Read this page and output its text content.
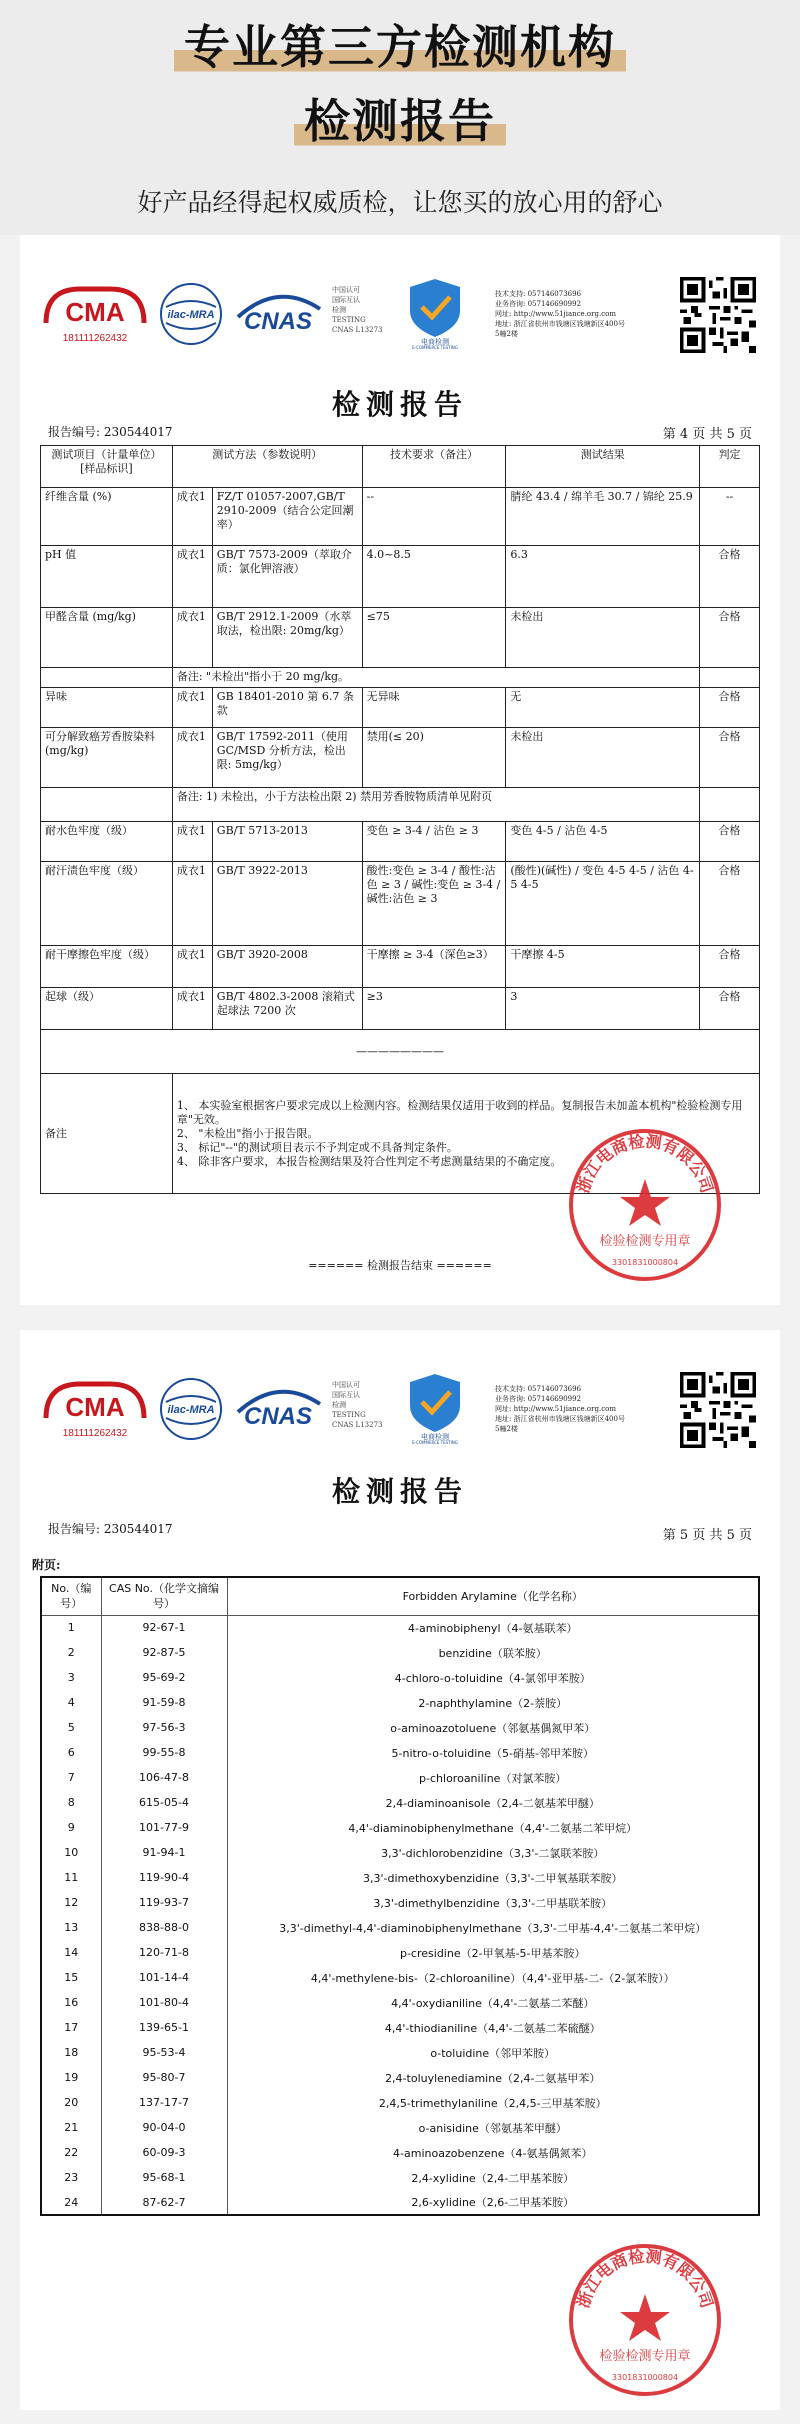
专业第三方检测机构
检测报告
好产品经得起权威质检，让您买的放心用的舒心
CMA
181111262432
ilac-MRA CNAS
中国认可
国际互认
检测
TESTING
CNAS L13273
电商检测
E-COMMERCE TESTING
技术支持: 057146073696
业务咨询: 057146690992
网址: http://www.51jiance.org.com
地址: 浙江省杭州市钱塘区钱塘新区400号
5幢2楼
检测报告
报告编号: 230544017	第 4 页 共 5 页
测试项目（计量单位）[样品标识]	测试方法（参数说明）		技术要求（备注）	测试结果	判定
纤维含量 (%)	成衣1	FZ/T 01057-2007,GB/T 2910-2009（结合公定回潮率）	--	腈纶 43.4 / 绵羊毛 30.7 / 锦纶 25.9	--
pH 值	成衣1	GB/T 7573-2009（萃取介质：氯化钾溶液）	4.0~8.5	6.3	合格
甲醛含量 (mg/kg)	成衣1	GB/T 2912.1-2009（水萃取法，检出限: 20mg/kg）	≤75	未检出	合格
	备注: "未检出"指小于 20 mg/kg。				
异味	成衣1	GB 18401-2010 第 6.7 条款	无异味	无	合格
可分解致癌芳香胺染料 (mg/kg)	成衣1	GB/T 17592-2011（使用 GC/MSD 分析方法，检出限: 5mg/kg）	禁用(≤ 20)	未检出	合格
	备注: 1) 未检出，小于方法检出限 2) 禁用芳香胺物质清单见附页				
耐水色牢度（级）	成衣1	GB/T 5713-2013	变色 ≥ 3-4 / 沾色 ≥ 3	变色 4-5 / 沾色 4-5	合格
耐汗渍色牢度（级）	成衣1	GB/T 3922-2013	酸性:变色 ≥ 3-4 / 酸性:沾色 ≥ 3 / 碱性:变色 ≥ 3-4 / 碱性:沾色 ≥ 3	(酸性)(碱性) / 变色 4-5 4-5 / 沾色 4-5 4-5	合格
耐干摩擦色牢度（级）	成衣1	GB/T 3920-2008	干摩擦 ≥ 3-4（深色≥3）	干摩擦 4-5	合格
起球（级）	成衣1	GB/T 4802.3-2008 滚箱式起球法 7200 次	≥3	3	合格
————————					
备注	1、 本实验室根据客户要求完成以上检测内容。检测结果仅适用于收到的样品。复制报告未加盖本机构"检验检测专用章"无效。
2、 "未检出"指小于报告限。
3、 标记"--"的测试项目表示不予判定或不具备判定条件。
4、 除非客户要求，本报告检测结果及符合性判定不考虑测量结果的不确定度。				
====== 检测报告结束 ======
浙江电商检测有限公司
检验检测专用章
3301831000804
CMA
181111262432
ilac-MRA CNAS
中国认可
国际互认
检测
TESTING
CNAS L13273
电商检测
E-COMMERCE TESTING
技术支持: 057146073696
业务咨询: 057146690992
网址: http://www.51jiance.org.com
地址: 浙江省杭州市钱塘区钱塘新区400号
5幢2楼
检测报告
报告编号: 230544017	第 5 页 共 5 页
附页:
No.（编号）	CAS No.（化学文摘编号）	Forbidden Arylamine（化学名称）
1	92-67-1	4-aminobiphenyl（4-氨基联苯）
2	92-87-5	benzidine（联苯胺）
3	95-69-2	4-chloro-o-toluidine（4-氯邻甲苯胺）
4	91-59-8	2-naphthylamine（2-萘胺）
5	97-56-3	o-aminoazotoluene（邻氨基偶氮甲苯）
6	99-55-8	5-nitro-o-toluidine（5-硝基-邻甲苯胺）
7	106-47-8	p-chloroaniline（对氯苯胺）
8	615-05-4	2,4-diaminoanisole（2,4-二氨基苯甲醚）
9	101-77-9	4,4'-diaminobiphenylmethane（4,4'-二氨基二苯甲烷）
10	91-94-1	3,3'-dichlorobenzidine（3,3'-二氯联苯胺）
11	119-90-4	3,3'-dimethoxybenzidine（3,3'-二甲氧基联苯胺）
12	119-93-7	3,3'-dimethylbenzidine（3,3'-二甲基联苯胺）
13	838-88-0	3,3'-dimethyl-4,4'-diaminobiphenylmethane（3,3'-二甲基-4,4'-二氨基二苯甲烷）
14	120-71-8	p-cresidine（2-甲氧基-5-甲基苯胺）
15	101-14-4	4,4'-methylene-bis-（2-chloroaniline）（4,4'-亚甲基-二-（2-氯苯胺））
16	101-80-4	4,4'-oxydianiline（4,4'-二氨基二苯醚）
17	139-65-1	4,4'-thiodianiline（4,4'-二氨基二苯硫醚）
18	95-53-4	o-toluidine（邻甲苯胺）
19	95-80-7	2,4-toluylenediamine（2,4-二氨基甲苯）
20	137-17-7	2,4,5-trimethylaniline（2,4,5-三甲基苯胺）
21	90-04-0	o-anisidine（邻氨基苯甲醚）
22	60-09-3	4-aminoazobenzene（4-氨基偶氮苯）
23	95-68-1	2,4-xylidine（2,4-二甲基苯胺）
24	87-62-7	2,6-xylidine（2,6-二甲基苯胺）
浙江电商检测有限公司
检验检测专用章
3301831000804
